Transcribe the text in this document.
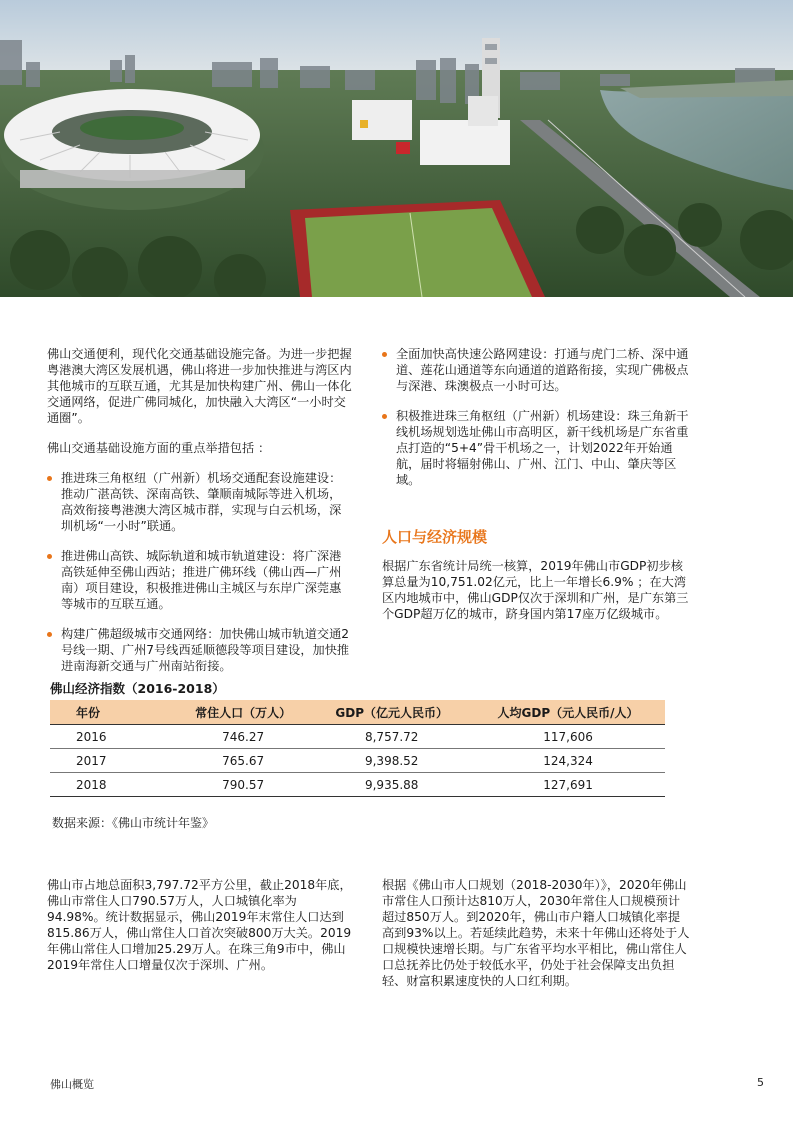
佛山交通便利，现代化交通基础设施完备。为进一步把握粤港澳大湾区发展机遇，佛山将进一步加快推进与湾区内其他城市的互联互通，尤其是加快构建广州、佛山一体化交通网络，促进广佛同城化，加快融入大湾区“一小时交通圈”。

佛山交通基础设施方面的重点举措包括 ：

推进珠三角枢纽（广州新）机场交通配套设施建设：推动广湛高铁、深南高铁、肇顺南城际等进入机场，高效衔接粤港澳大湾区城市群，实现与白云机场，深圳机场“一小时”联通。
推进佛山高铁、城际轨道和城市轨道建设：将广深港高铁延伸至佛山西站；推进广佛环线（佛山西—广州南）项目建设，积极推进佛山主城区与东岸广深莞惠等城市的互联互通。
构建广佛超级城市交通网络：加快佛山城市轨道交通2号线一期、广州7号线西延顺德段等项目建设，加快推进南海新交通与广州南站衔接。
全面加快高快速公路网建设：打通与虎门二桥、深中通道、莲花山通道等东向通道的道路衔接，实现广佛极点与深港、珠澳极点一小时可达。
积极推进珠三角枢纽（广州新）机场建设：珠三角新干线机场规划选址佛山市高明区，新干线机场是广东省重点打造的“5+4”骨干机场之一，计划2022年开始通航，届时将辐射佛山、广州、江门、中山、肇庆等区域。
人口与经济规模

根据广东省统计局统一核算，2019年佛山市GDP初步核算总量为10,751.02亿元，比上一年增长6.9% ；在大湾区内地城市中，佛山GDP仅次于深圳和广州，是广东第三个GDP超万亿的城市，跻身国内第17座万亿级城市。

佛山经济指数（2016-2018）
年份	常住人口（万人）	GDP（亿元人民币）	人均GDP（元人民币/人）
2016	746.27	8,757.72	117,606
2017	765.67	9,398.52	124,324
2018	790.57	9,935.88	127,691
数据来源：《佛山市统计年鉴》

佛山市占地总面积3,797.72平方公里，截止2018年底，佛山市常住人口790.57万人，人口城镇化率为94.98%。统计数据显示，佛山2019年末常住人口达到815.86万人，佛山常住人口首次突破800万大关。2019年佛山常住人口增加25.29万人。在珠三角9市中，佛山2019年常住人口增量仅次于深圳、广州。

根据《佛山市人口规划（2018-2030年）》，2020年佛山市常住人口预计达810万人，2030年常住人口规模预计超过850万人。到2020年，佛山市户籍人口城镇化率提高到93%以上。若延续此趋势，未来十年佛山还将处于人口规模快速增长期。与广东省平均水平相比，佛山常住人口总抚养比仍处于较低水平，仍处于社会保障支出负担轻、财富积累速度快的人口红利期。

佛山概览	5
